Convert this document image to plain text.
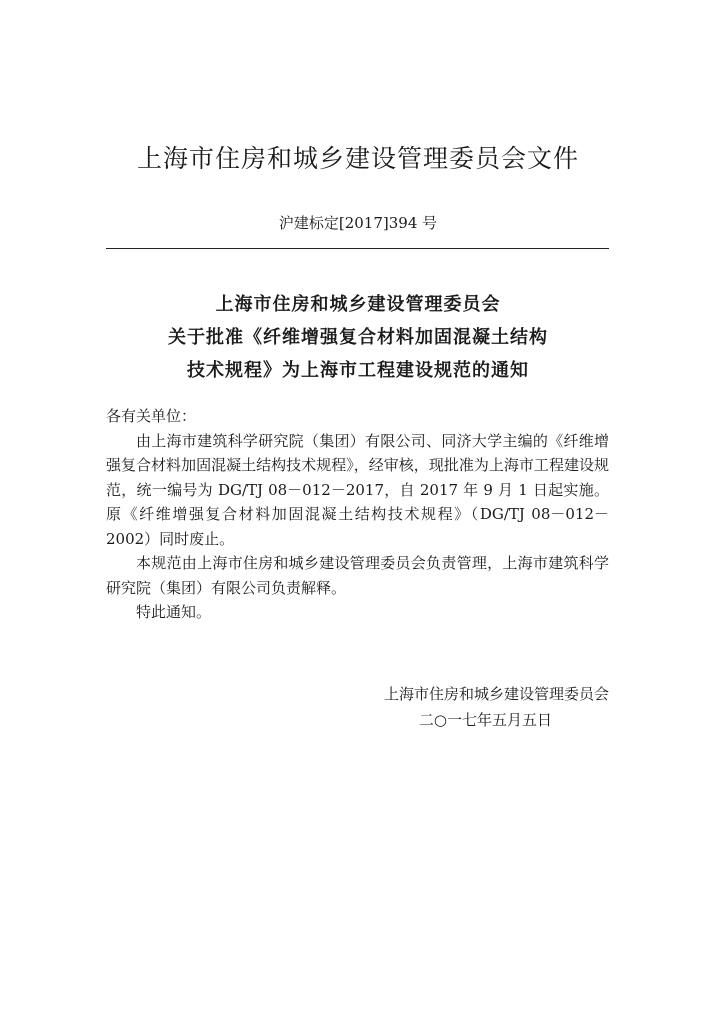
上海市住房和城乡建设管理委员会文件
沪建标定[2017]394 号
上海市住房和城乡建设管理委员会
关于批准《纤维增强复合材料加固混凝土结构
技术规程》为上海市工程建设规范的通知

各有关单位：

由上海市建筑科学研究院（集团）有限公司、同济大学主编的《纤维增强复合材料加固混凝土结构技术规程》，经审核，现批准为上海市工程建设规范，统一编号为 DG/TJ 08－012－2017，自 2017 年 9 月 1 日起实施。原《纤维增强复合材料加固混凝土结构技术规程》（DG/TJ 08－012－2002）同时废止。

本规范由上海市住房和城乡建设管理委员会负责管理，上海市建筑科学研究院（集团）有限公司负责解释。

特此通知。

上海市住房和城乡建设管理委员会
二○一七年五月五日
